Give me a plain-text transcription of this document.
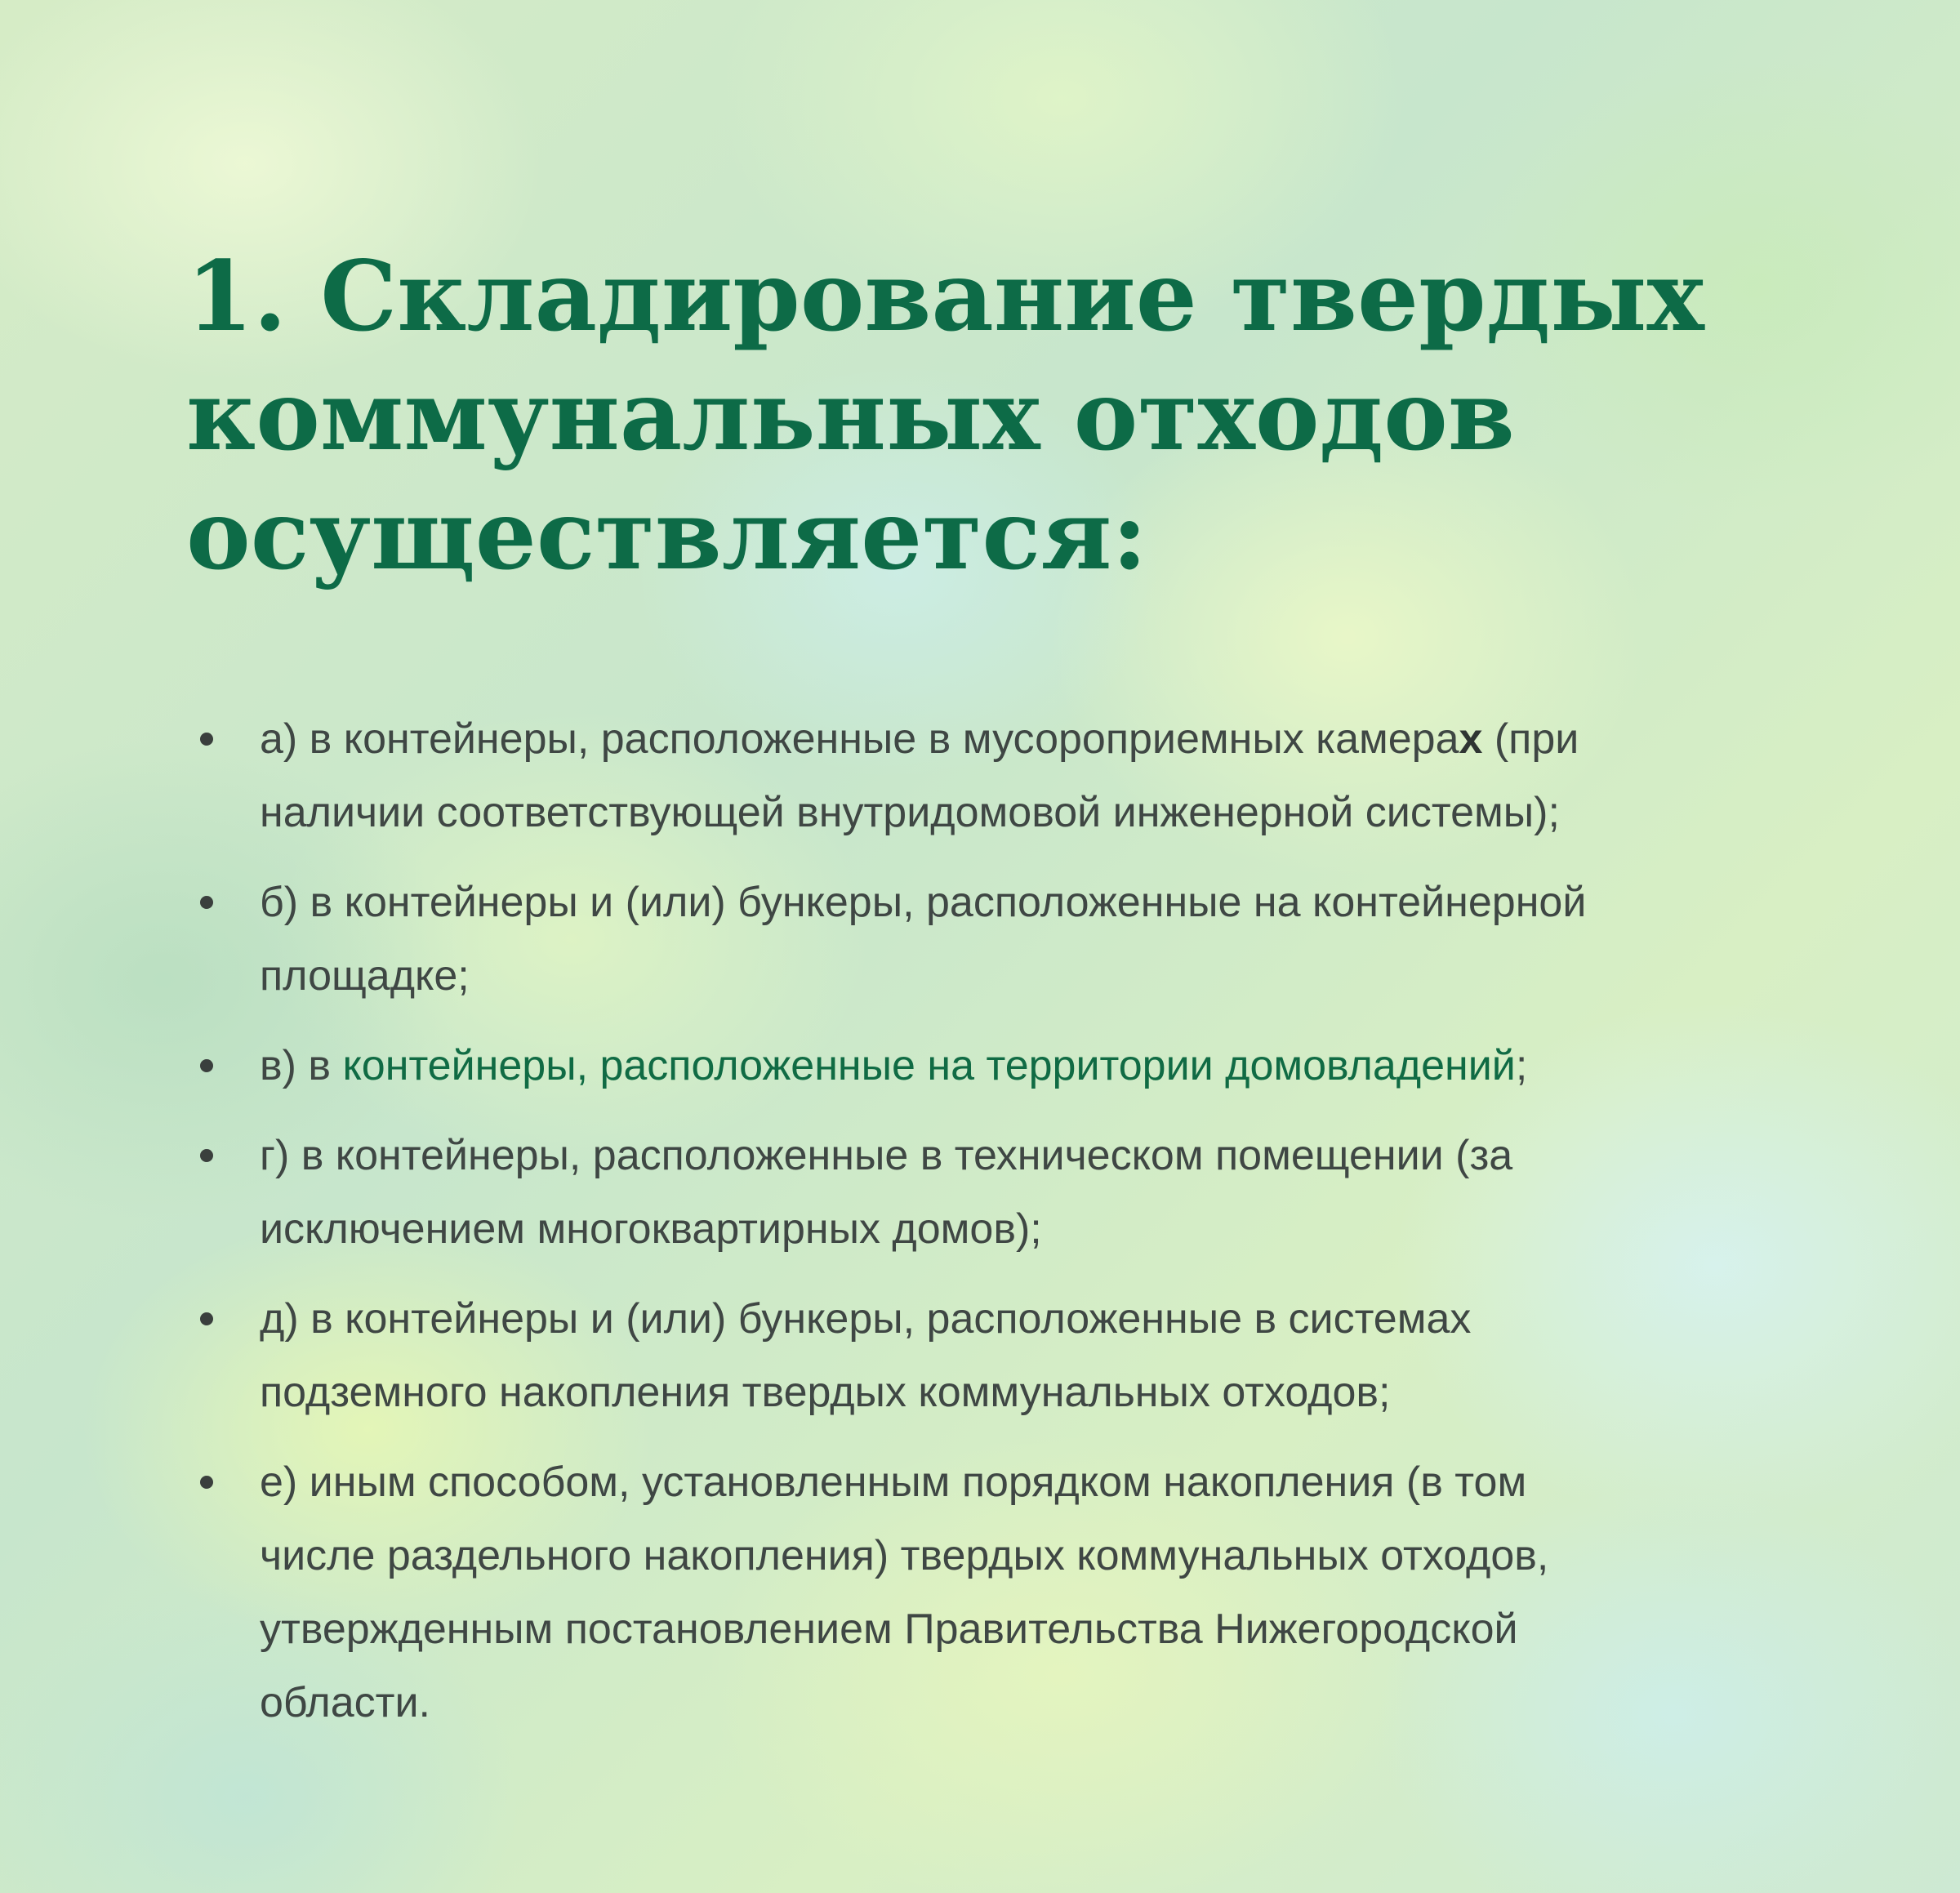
1. Складирование твердых
коммунальных отходов
осуществляется:
а) в контейнеры, расположенные в мусороприемных камерах (при
наличии соответствующей внутридомовой инженерной системы);
б) в контейнеры и (или) бункеры, расположенные на контейнерной
площадке;
в) в контейнеры, расположенные на территории домовладений;
г) в контейнеры, расположенные в техническом помещении (за
исключением многоквартирных домов);
д) в контейнеры и (или) бункеры, расположенные в системах
подземного накопления твердых коммунальных отходов;
е) иным способом, установленным порядком накопления (в том
числе раздельного накопления) твердых коммунальных отходов,
утвержденным постановлением Правительства Нижегородской
области.
